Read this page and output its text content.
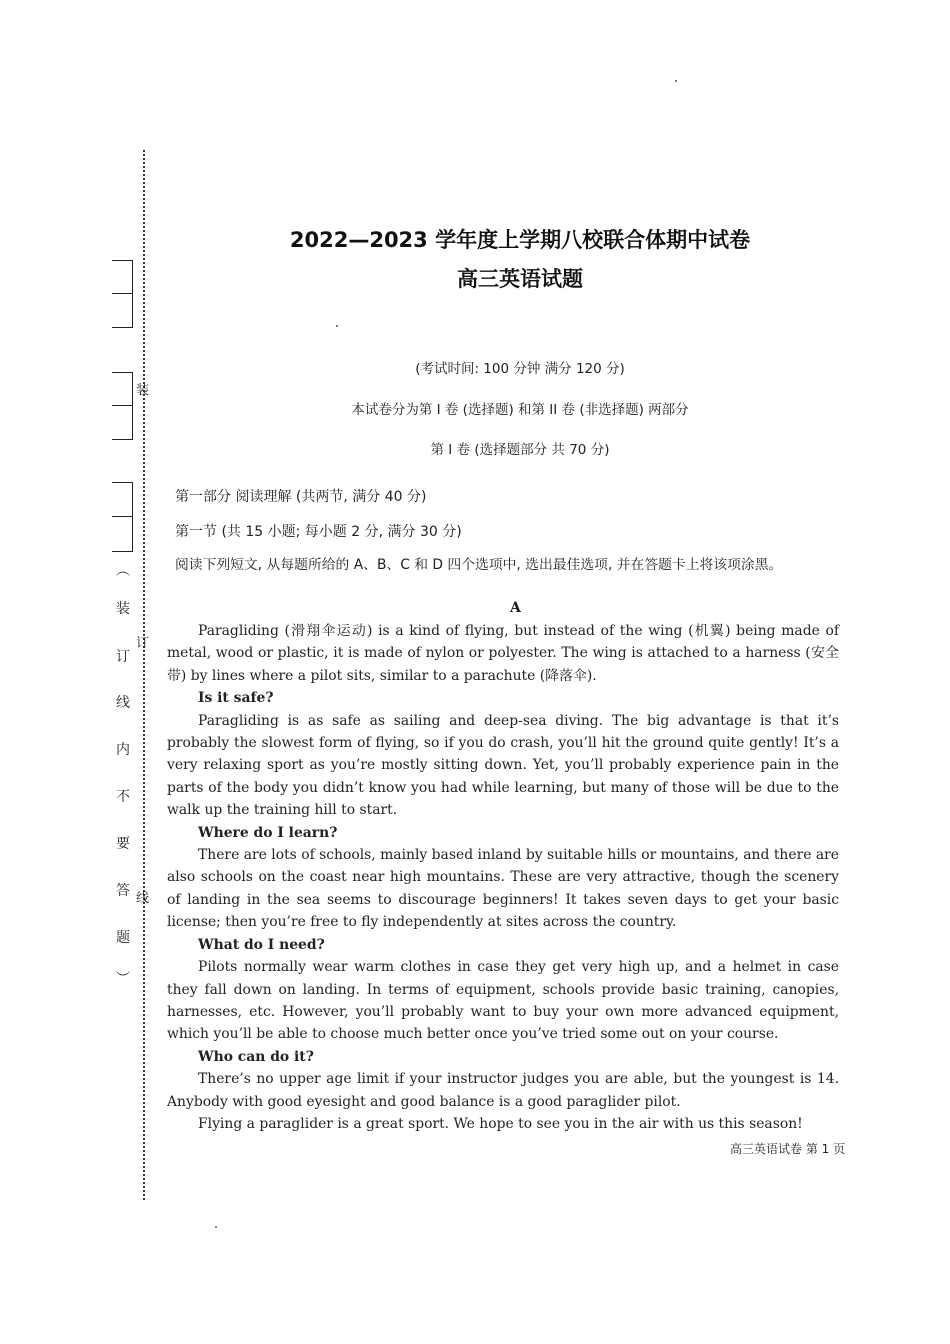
装
订
线
︵
装
订
线
内
不
要
答
题
︶
2022—2023 学年度上学期八校联合体期中试卷
高三英语试题
(考试时间: 100 分钟 满分 120 分)
本试卷分为第 I 卷 (选择题) 和第 II 卷 (非选择题) 两部分
第 I 卷 (选择题部分 共 70 分)
第一部分 阅读理解 (共两节, 满分 40 分)
第一节 (共 15 小题; 每小题 2 分, 满分 30 分)
阅读下列短文, 从每题所给的 A、B、C 和 D 四个选项中, 选出最佳选项, 并在答题卡上将该项涂黑。
A

Paragliding (滑翔伞运动) is a kind of flying, but instead of the wing (机翼) being made of metal, wood or plastic, it is made of nylon or polyester. The wing is attached to a harness (安全带) by lines where a pilot sits, similar to a parachute (降落伞).

Is it safe?

Paragliding is as safe as sailing and deep-sea diving. The big advantage is that it’s probably the slowest form of flying, so if you do crash, you’ll hit the ground quite gently! It’s a very relaxing sport as you’re mostly sitting down. Yet, you’ll probably experience pain in the parts of the body you didn’t know you had while learning, but many of those will be due to the walk up the training hill to start.

Where do I learn?

There are lots of schools, mainly based inland by suitable hills or mountains, and there are also schools on the coast near high mountains. These are very attractive, though the scenery of landing in the sea seems to discourage beginners! It takes seven days to get your basic license; then you’re free to fly independently at sites across the country.

What do I need?

Pilots normally wear warm clothes in case they get very high up, and a helmet in case they fall down on landing. In terms of equipment, schools provide basic training, canopies, harnesses, etc. However, you’ll probably want to buy your own more advanced equipment, which you’ll be able to choose much better once you’ve tried some out on your course.

Who can do it?

There’s no upper age limit if your instructor judges you are able, but the youngest is 14. Anybody with good eyesight and good balance is a good paraglider pilot.

Flying a paraglider is a great sport. We hope to see you in the air with us this season!

高三英语试卷 第 1 页
